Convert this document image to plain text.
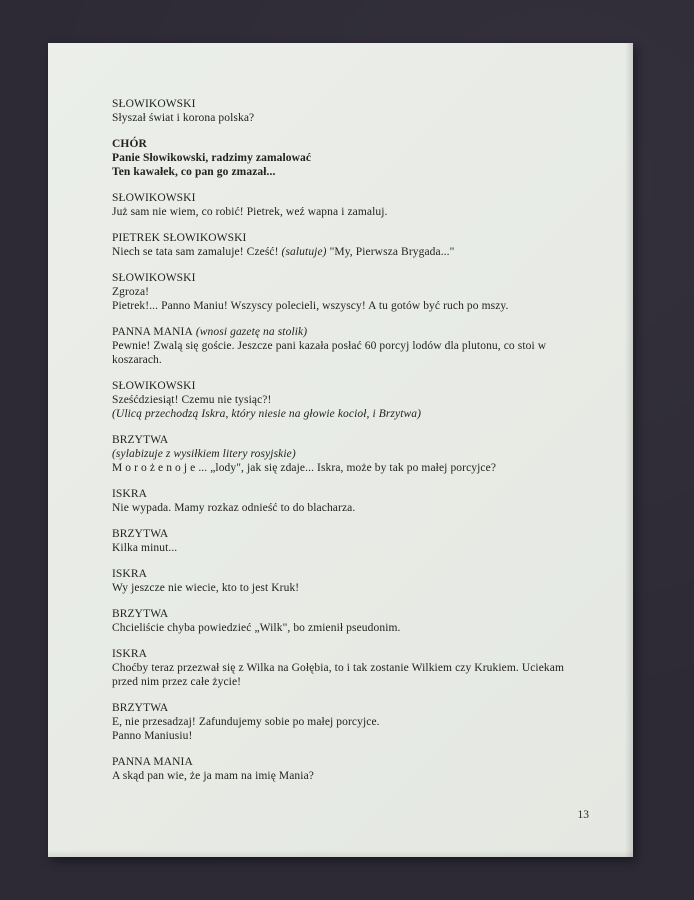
SŁOWIKOWSKI
Słyszał świat i korona polska?
CHÓR
Panie Słowikowski, radzimy zamalować
Ten kawałek, co pan go zmazał...
SŁOWIKOWSKI
Już sam nie wiem, co robić! Pietrek, weź wapna i zamaluj.
PIETREK SŁOWIKOWSKI
Niech se tata sam zamaluje! Cześć! (salutuje) "My, Pierwsza Brygada..."
SŁOWIKOWSKI
Zgroza!
Pietrek!... Panno Maniu! Wszyscy polecieli, wszyscy! A tu gotów być ruch po mszy.
PANNA MANIA (wnosi gazetę na stolik)
Pewnie! Zwalą się goście. Jeszcze pani kazała posłać 60 porcyj lodów dla plutonu, co stoi w
koszarach.
SŁOWIKOWSKI
Sześćdziesiąt! Czemu nie tysiąc?!
(Ulicą przechodzą Iskra, który niesie na głowie kocioł, i Brzytwa)
BRZYTWA
(sylabizuje z wysiłkiem litery rosyjskie)
M o r o ż e n o j e ... „lody", jak się zdaje... Iskra, może by tak po małej porcyjce?
ISKRA
Nie wypada. Mamy rozkaz odnieść to do blacharza.
BRZYTWA
Kilka minut...
ISKRA
Wy jeszcze nie wiecie, kto to jest Kruk!
BRZYTWA
Chcieliście chyba powiedzieć „Wilk", bo zmienił pseudonim.
ISKRA
Choćby teraz przezwał się z Wilka na Gołębia, to i tak zostanie Wilkiem czy Krukiem. Uciekam
przed nim przez całe życie!
BRZYTWA
E, nie przesadzaj! Zafundujemy sobie po małej porcyjce.
Panno Maniusiu!
PANNA MANIA
A skąd pan wie, że ja mam na imię Mania?
13
